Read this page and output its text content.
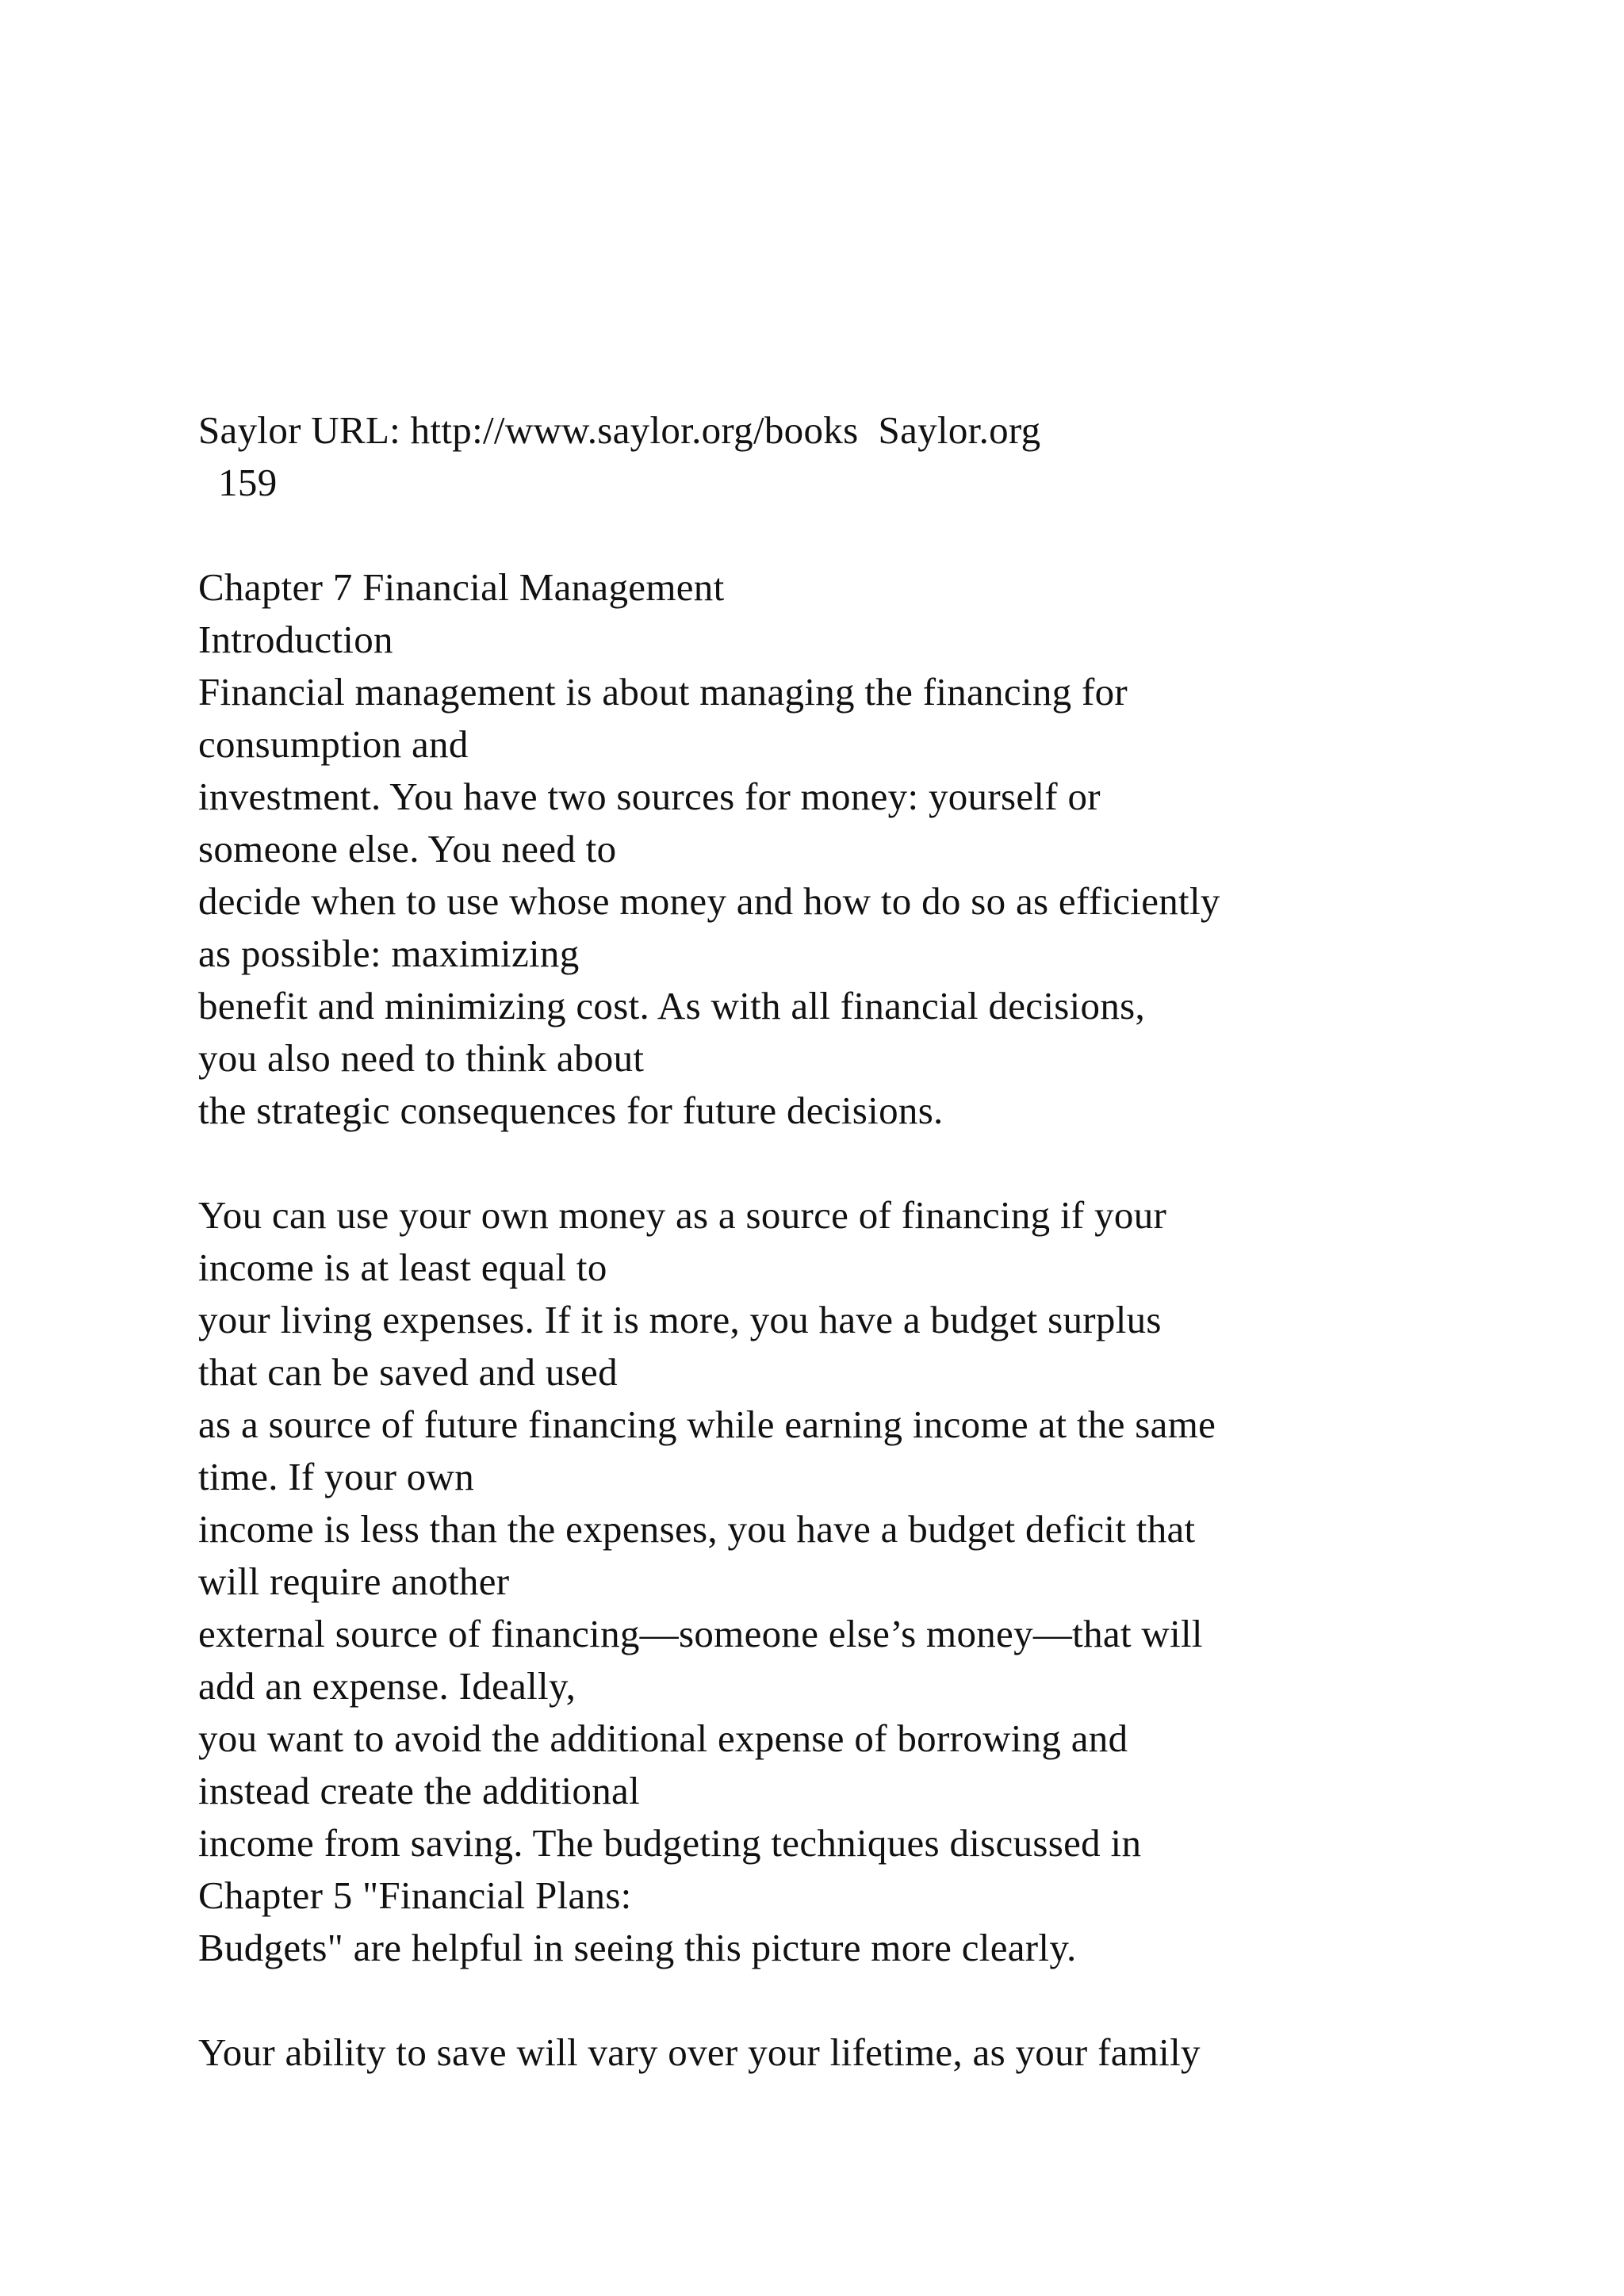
Saylor URL: http://www.saylor.org/books  Saylor.org
159
Chapter 7 Financial Management
Introduction
Financial management is about managing the financing for
consumption and
investment. You have two sources for money: yourself or
someone else. You need to
decide when to use whose money and how to do so as efficiently
as possible: maximizing
benefit and minimizing cost. As with all financial decisions,
you also need to think about
the strategic consequences for future decisions.
You can use your own money as a source of financing if your
income is at least equal to
your living expenses. If it is more, you have a budget surplus
that can be saved and used
as a source of future financing while earning income at the same
time. If your own
income is less than the expenses, you have a budget deficit that
will require another
external source of financing—someone else’s money—that will
add an expense. Ideally,
you want to avoid the additional expense of borrowing and
instead create the additional
income from saving. The budgeting techniques discussed in
Chapter 5 "Financial Plans:
Budgets" are helpful in seeing this picture more clearly.
Your ability to save will vary over your lifetime, as your family
